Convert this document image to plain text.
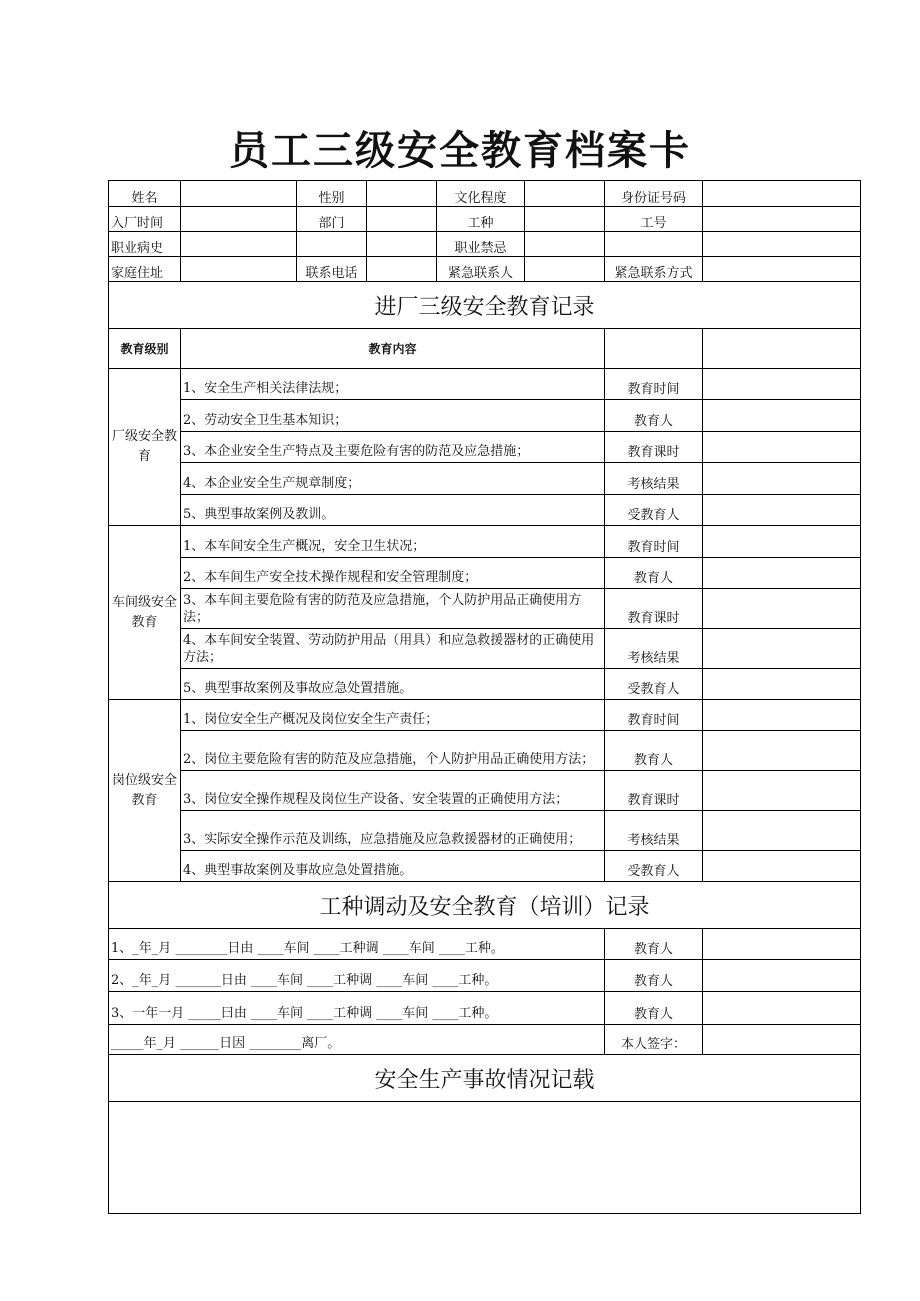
员工三级安全教育档案卡
姓名		性别		文化程度		身份证号码	
入厂时间		部门		工种		工号	
职业病史				职业禁忌			
家庭住址		联系电话		紧急联系人		紧急联系方式	
进厂三级安全教育记录							
教育级别	教育内容						
厂级安全教育	1、安全生产相关法律法规；					教育时间	
	2、劳动安全卫生基本知识；					教育人	
	3、本企业安全生产特点及主要危险有害的防范及应急措施；					教育课时	
	4、本企业安全生产规章制度；					考核结果	
	5、典型事故案例及教训。					受教育人	
车间级安全教育	1、本车间安全生产概况，安全卫生状况；					教育时间	
	2、本车间生产安全技术操作规程和安全管理制度；					教育人	
	3、本车间主要危险有害的防范及应急措施，个人防护用品正确使用方法；					教育课时	
	4、本车间安全装置、劳动防护用品（用具）和应急救援器材的正确使用方法；					考核结果	
	5、典型事故案例及事故应急处置措施。					受教育人	
岗位级安全教育	1、岗位安全生产概况及岗位安全生产责任；					教育时间	
	2、岗位主要危险有害的防范及应急措施，个人防护用品正确使用方法；					教育人	
	3、岗位安全操作规程及岗位生产设备、安全装置的正确使用方法；					教育课时	
	3、实际安全操作示范及训练，应急措施及应急救援器材的正确使用；					考核结果	
	4、典型事故案例及事故应急处置措施。					受教育人	
工种调动及安全教育（培训）记录							
1、_年_月 ________日由 ____车间 ____工种调 ____车间 ____工种。						教育人	
2、_年_月 _______日由 ____车间 ____工种调 ____车间 ____工种。						教育人	
3、一年一月 _____曰由 ____车间 ____工种调 ____车间 ____工种。						教育人	
_____年_月 ______日因 ________离厂。						本人签字：	
安全生产事故情况记载							
